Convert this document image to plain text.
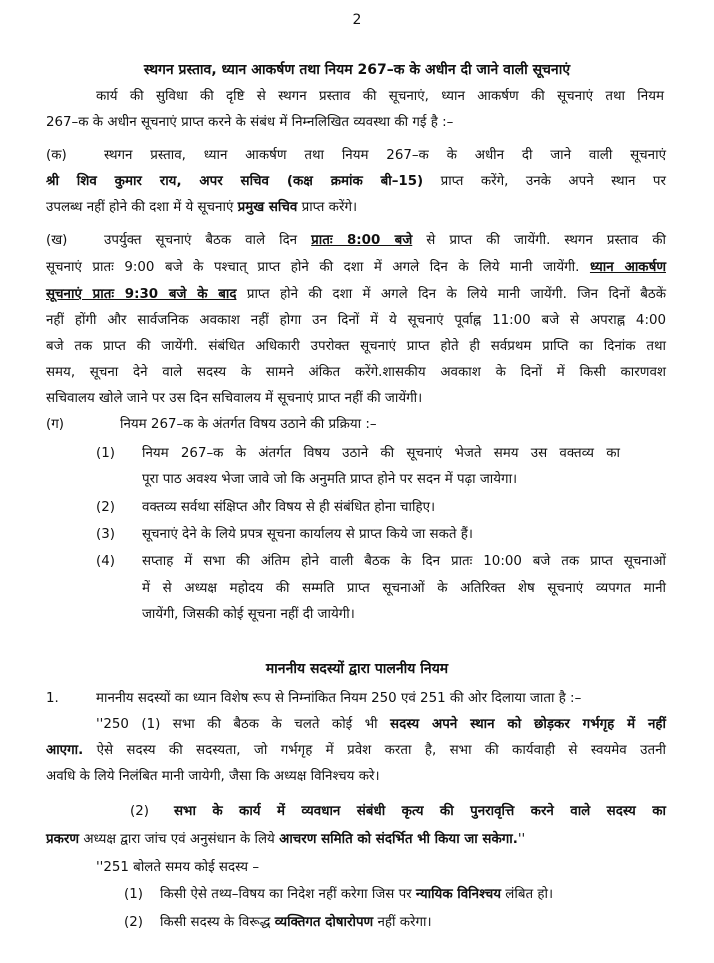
2
स्थगन प्रस्ताव, ध्यान आकर्षण तथा नियम 267–क के अधीन दी जाने वाली सूचनाएं
कार्य की सुविधा की दृष्टि से स्थगन प्रस्ताव की सूचनाएं, ध्यान आकर्षण की सूचनाएं तथा नियम
267–क के अधीन सूचनाएं प्राप्त करने के संबंध में निम्नलिखित व्यवस्था की गई है :–
(क)	स्थगन प्रस्ताव, ध्यान आकर्षण तथा नियम 267–क के अधीन दी जाने वाली सूचनाएं
श्री शिव कुमार राय, अपर सचिव (कक्ष क्रमांक बी–15) प्राप्त करेंगे, उनके अपने स्थान पर
उपलब्ध नहीं होने की दशा में ये सूचनाएं प्रमुख सचिव प्राप्त करेंगे।
(ख)	उपर्युक्त सूचनाएं बैठक वाले दिन प्रातः 8:00 बजे से प्राप्त की जायेंगी. स्थगन प्रस्ताव की
सूचनाएं प्रातः 9:00 बजे के पश्चात् प्राप्त होने की दशा में अगले दिन के लिये मानी जायेंगी. ध्यान आकर्षण
सूचनाएं प्रातः 9:30 बजे के बाद प्राप्त होने की दशा में अगले दिन के लिये मानी जायेंगी. जिन दिनों बैठकें
नहीं होंगी और सार्वजनिक अवकाश नहीं होगा उन दिनों में ये सूचनाएं पूर्वाह्न 11:00 बजे से अपराह्न 4:00
बजे तक प्राप्त की जायेंगी. संबंधित अधिकारी उपरोक्त सूचनाएं प्राप्त होते ही सर्वप्रथम प्राप्ति का दिनांक तथा
समय, सूचना देने वाले सदस्य के सामने अंकित करेंगे.शासकीय अवकाश के दिनों में किसी कारणवश
सचिवालय खोले जाने पर उस दिन सचिवालय में सूचनाएं प्राप्त नहीं की जायेंगी।
(ग)	नियम 267–क के अंतर्गत विषय उठाने की प्रक्रिया :–
(1) नियम 267–क के अंतर्गत विषय उठाने की सूचनाएं भेजते समय उस वक्तव्य का
पूरा पाठ अवश्य भेजा जावे जो कि अनुमति प्राप्त होने पर सदन में पढ़ा जायेगा।
(2) वक्तव्य सर्वथा संक्षिप्त और विषय से ही संबंधित होना चाहिए।
(3) सूचनाएं देने के लिये प्रपत्र सूचना कार्यालय से प्राप्त किये जा सकते हैं।
(4) सप्ताह में सभा की अंतिम होने वाली बैठक के दिन प्रातः 10:00 बजे तक प्राप्त सूचनाओं
में से अध्यक्ष महोदय की सम्मति प्राप्त सूचनाओं के अतिरिक्त शेष सूचनाएं व्यपगत मानी
जायेंगी, जिसकी कोई सूचना नहीं दी जायेगी।
माननीय सदस्यों द्वारा पालनीय नियम
1.	माननीय सदस्यों का ध्यान विशेष रूप से निम्नांकित नियम 250 एवं 251 की ओर दिलाया जाता है :–
''250 (1) सभा की बैठक के चलते कोई भी सदस्य अपने स्थान को छोड़कर गर्भगृह में नहीं
आएगा. ऐसे सदस्य की सदस्यता, जो गर्भगृह में प्रवेश करता है, सभा की कार्यवाही से स्वयमेव उतनी
अवधि के लिये निलंबित मानी जायेगी, जैसा कि अध्यक्ष विनिश्चय करे।
(2) सभा के कार्य में व्यवधान संबंधी कृत्य की पुनरावृत्ति करने वाले सदस्य का
प्रकरण अध्यक्ष द्वारा जांच एवं अनुसंधान के लिये आचरण समिति को संदर्भित भी किया जा सकेगा.''
''251 बोलते समय कोई सदस्य –
(1) किसी ऐसे तथ्य–विषय का निदेश नहीं करेगा जिस पर न्यायिक विनिश्चय लंबित हो।
(2) किसी सदस्य के विरूद्ध व्यक्तिगत दोषारोपण नहीं करेगा।
